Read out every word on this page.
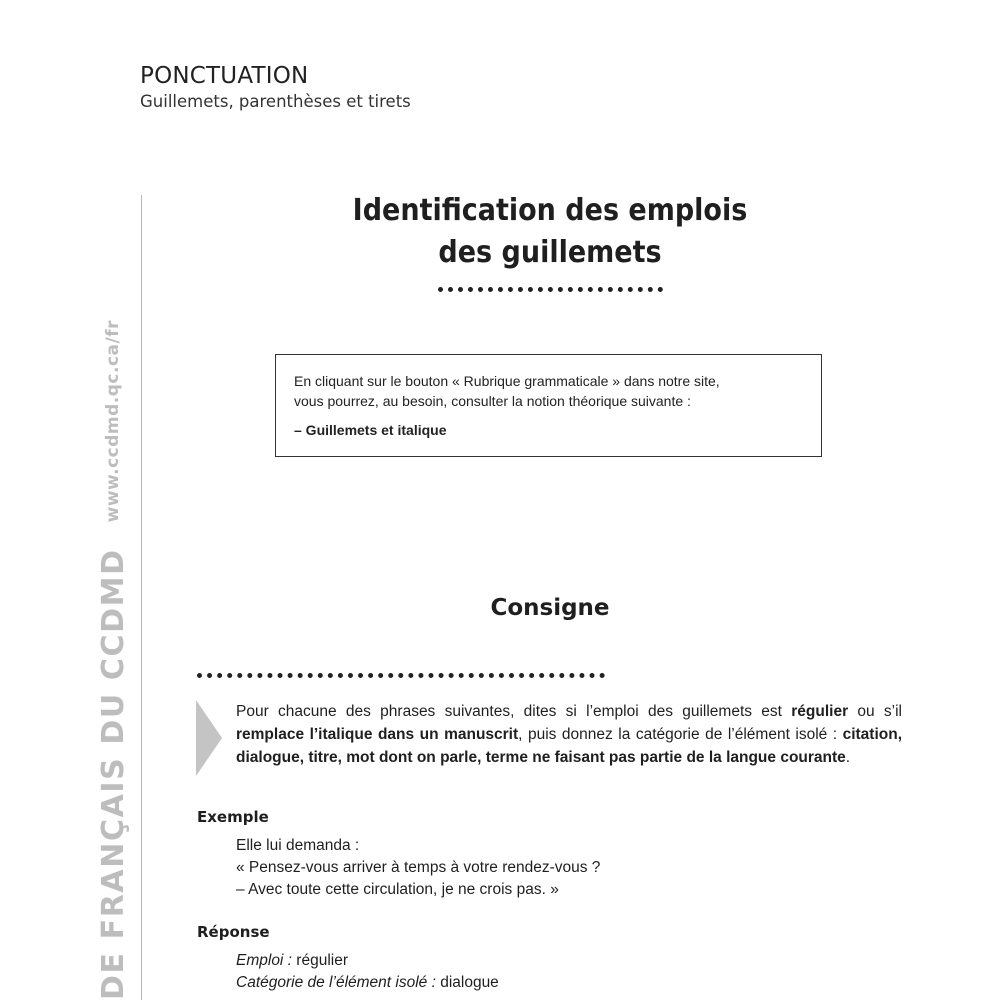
PONCTUATION
Guillemets, parenthèses et tirets
DE FRANÇAIS DU CCDMDwww.ccdmd.qc.ca/fr
Identification des emplois
des guillemets
En cliquant sur le bouton « Rubrique grammaticale » dans notre site,
vous pourrez, au besoin, consulter la notion théorique suivante :
– Guillemets et italique
Consigne
Pour chacune des phrases suivantes, dites si l’emploi des guillemets est régulier ou s’il remplace l’italique dans un manuscrit, puis donnez la catégorie de l’élément isolé : citation, dialogue, titre, mot dont on parle, terme ne faisant pas partie de la langue courante.
Exemple
Elle lui demanda :
« Pensez-vous arriver à temps à votre rendez-vous ?
– Avec toute cette circulation, je ne crois pas. »
Réponse
Emploi : régulier
Catégorie de l’élément isolé : dialogue
